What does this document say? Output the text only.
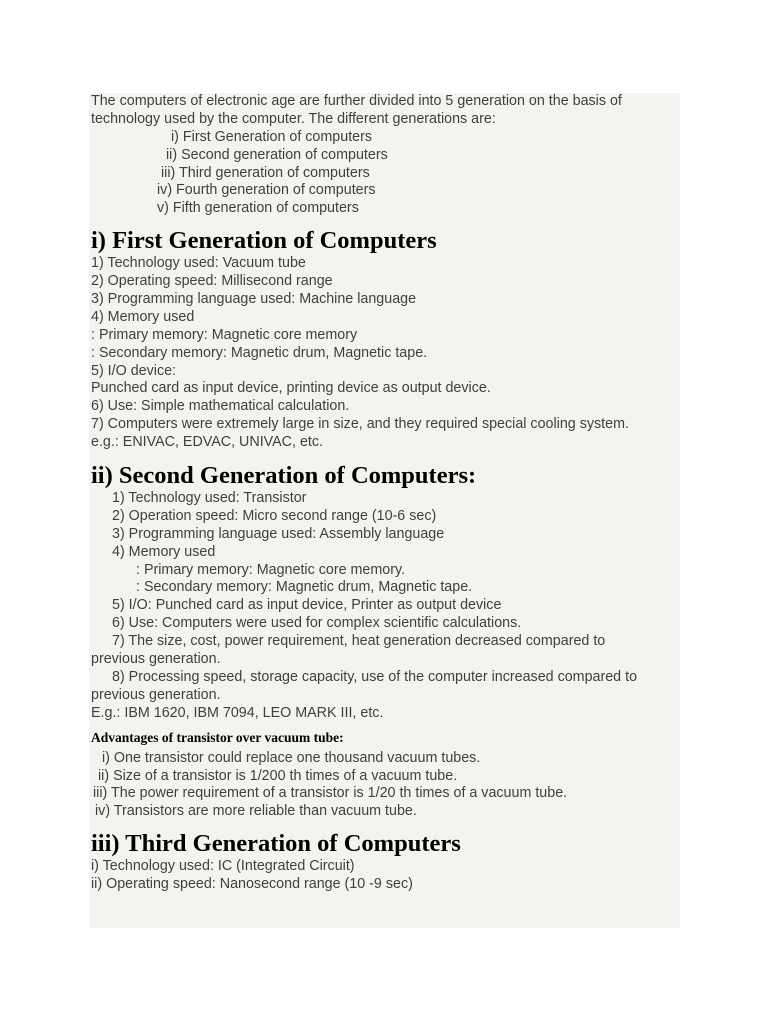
The computers of electronic age are further divided into 5 generation on the basis of
technology used by the computer. The different generations are:
i) First Generation of computers
ii) Second generation of computers
iii) Third generation of computers
iv) Fourth generation of computers
v) Fifth generation of computers
i) First Generation of Computers
1) Technology used: Vacuum tube
2) Operating speed: Millisecond range
3) Programming language used: Machine language
4) Memory used
: Primary memory: Magnetic core memory
: Secondary memory: Magnetic drum, Magnetic tape.
5) I/O device:
Punched card as input device, printing device as output device.
6) Use: Simple mathematical calculation.
7) Computers were extremely large in size, and they required special cooling system.
e.g.: ENIVAC, EDVAC, UNIVAC, etc.
ii) Second Generation of Computers:
1) Technology used: Transistor
2) Operation speed: Micro second range (10-6 sec)
3) Programming language used: Assembly language
4) Memory used
: Primary memory: Magnetic core memory.
: Secondary memory: Magnetic drum, Magnetic tape.
5) I/O: Punched card as input device, Printer as output device
6) Use: Computers were used for complex scientific calculations.
7) The size, cost, power requirement, heat generation decreased compared to
previous generation.
8) Processing speed, storage capacity, use of the computer increased compared to
previous generation.
E.g.: IBM 1620, IBM 7094, LEO MARK III, etc.
Advantages of transistor over vacuum tube:
i) One transistor could replace one thousand vacuum tubes.
ii) Size of a transistor is 1/200 th times of a vacuum tube.
iii) The power requirement of a transistor is 1/20 th times of a vacuum tube.
iv) Transistors are more reliable than vacuum tube.
iii) Third Generation of Computers
i) Technology used: IC (Integrated Circuit)
ii) Operating speed: Nanosecond range (10 -9 sec)
